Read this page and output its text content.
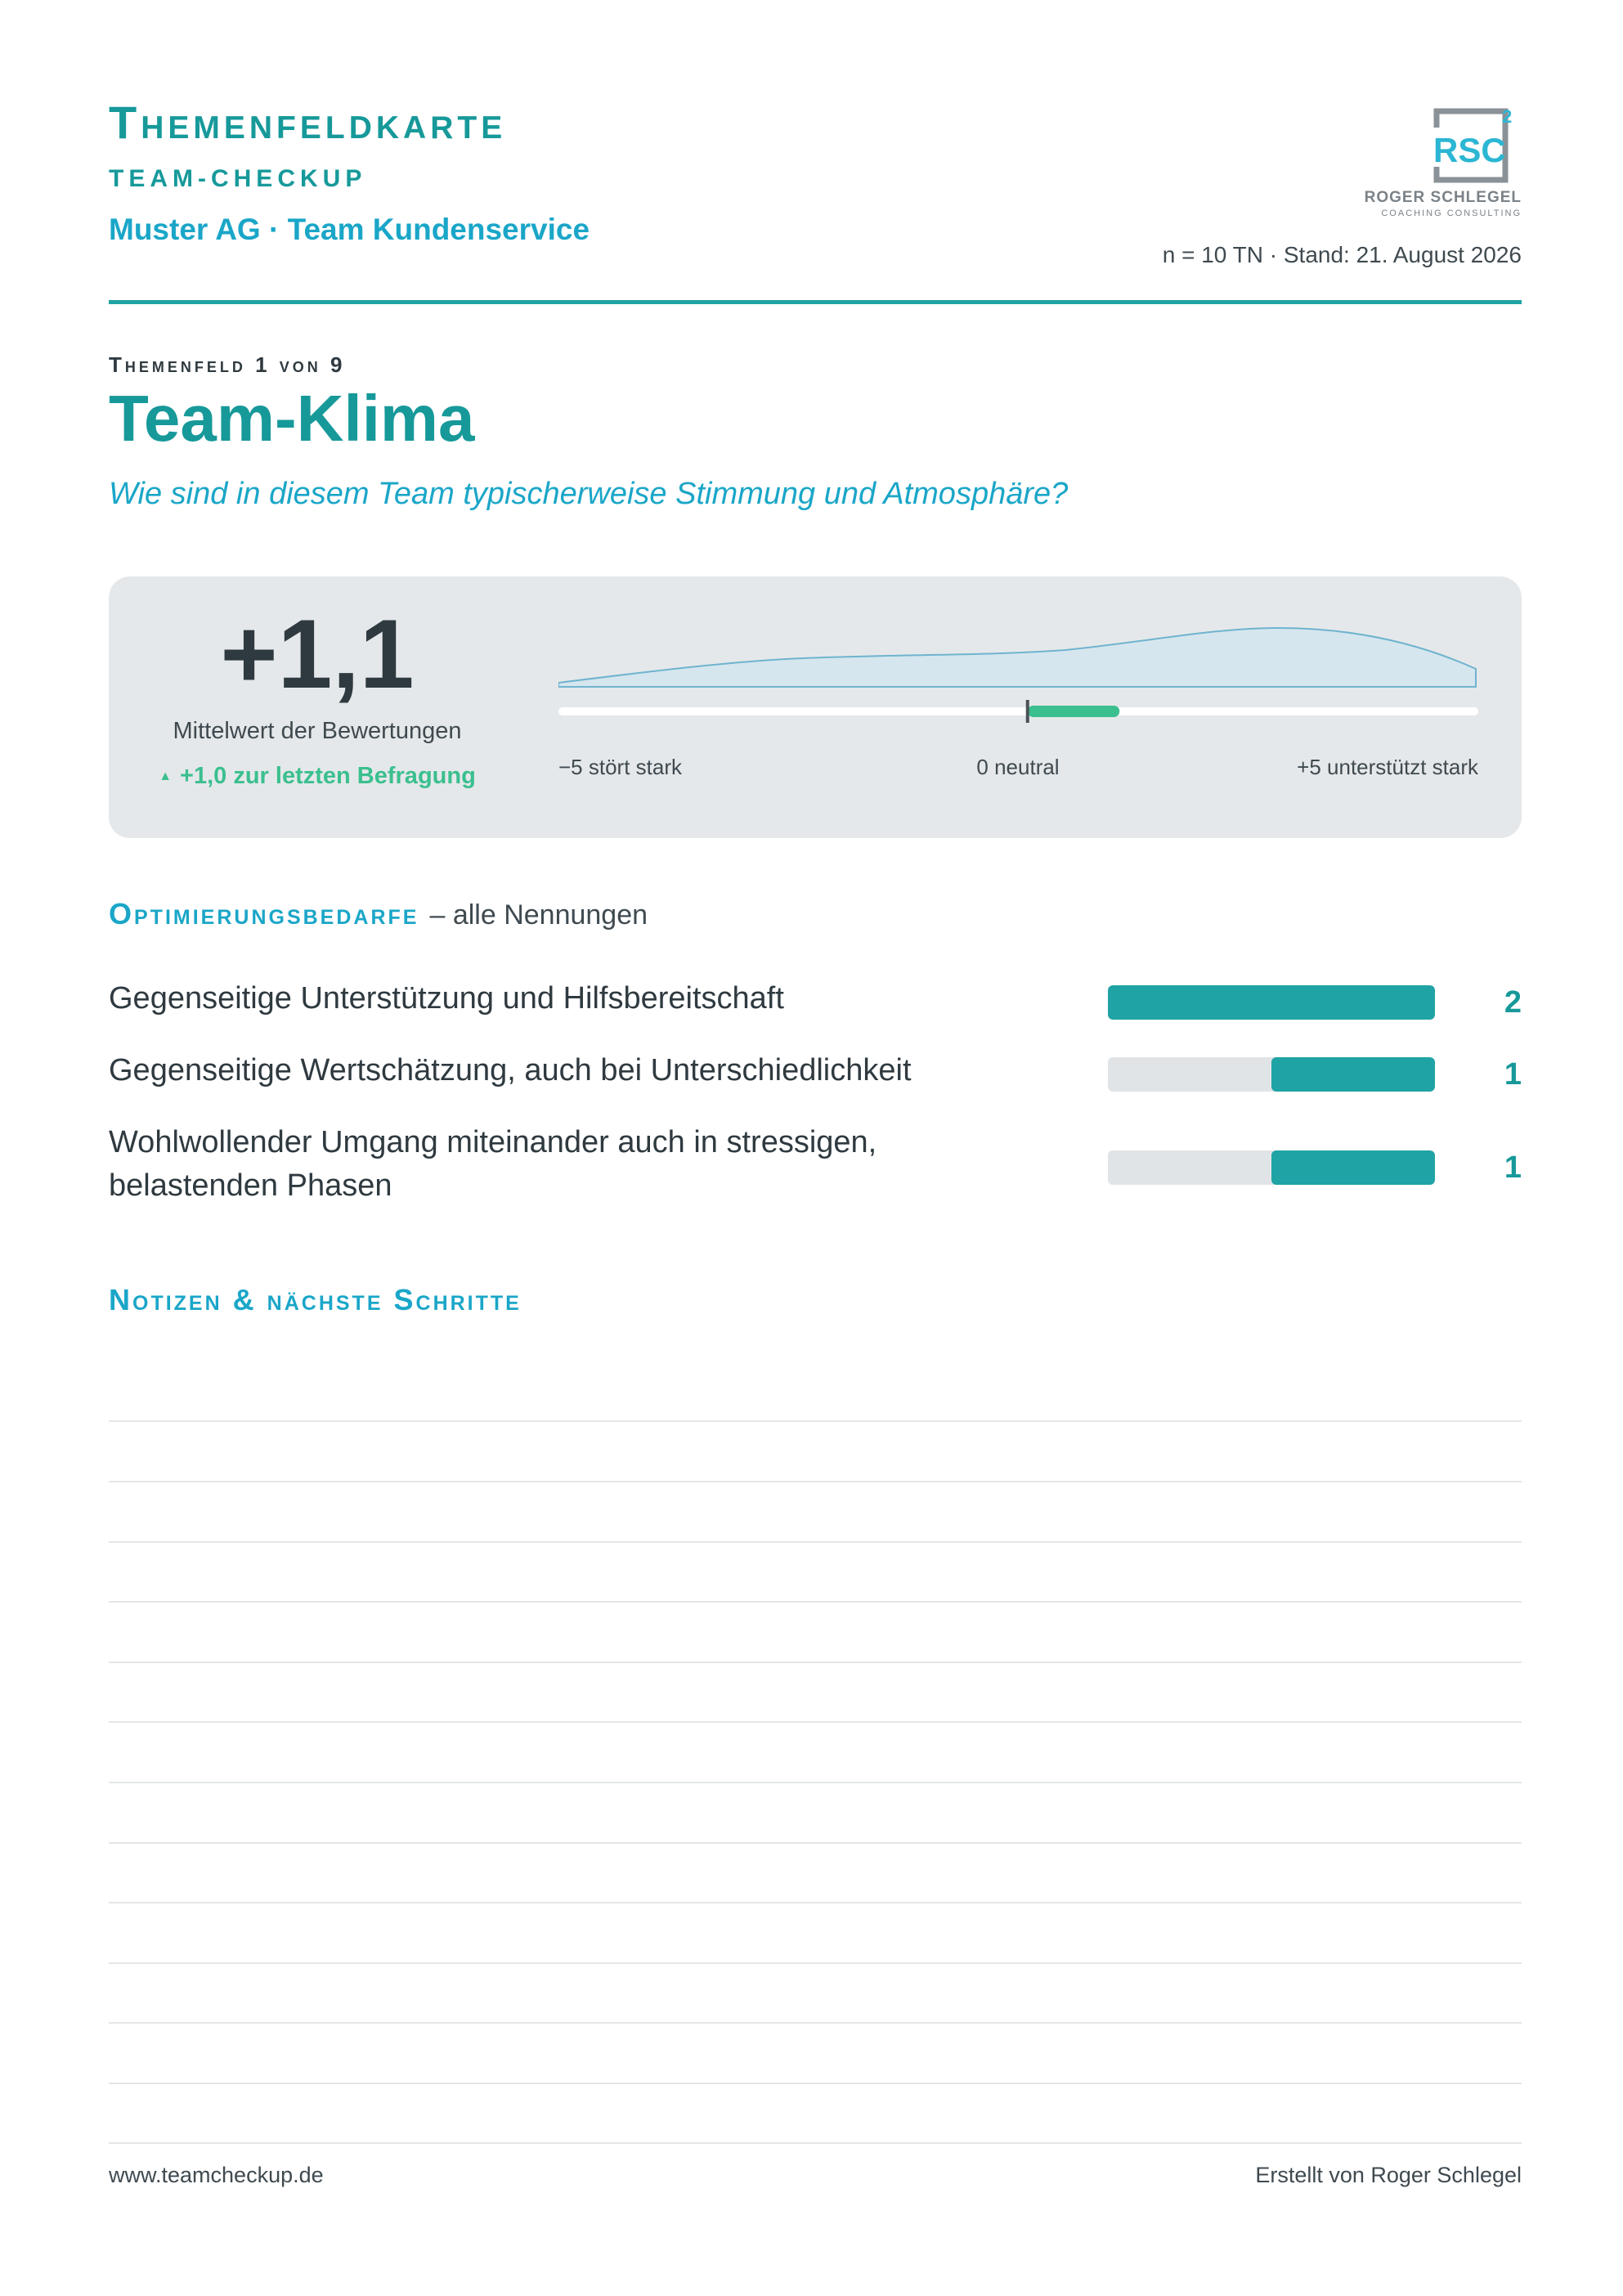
Themenfeldkarte
TEAM-CHECKUP
Muster AG · Team Kundenservice
RSC
2
ROGER SCHLEGEL
COACHING CONSULTING
n = 10 TN · Stand: 21. August 2026
Themenfeld 1 von 9
Team-Klima
Wie sind in diesem Team typischerweise Stimmung und Atmosphäre?
+1,1
Mittelwert der Bewertungen
▲ +1,0 zur letzten Befragung	−5 stört stark	0 neutral	+5 unterstützt stark
Optimierungsbedarfe – alle Nennungen
Gegenseitige Unterstützung und Hilfsbereitschaft	2
Gegenseitige Wertschätzung, auch bei Unterschiedlichkeit	1
Wohlwollender Umgang miteinander auch in stressigen, belastenden Phasen
1
Notizen & nächste Schritte
www.teamcheckup.de	Erstellt von Roger Schlegel
